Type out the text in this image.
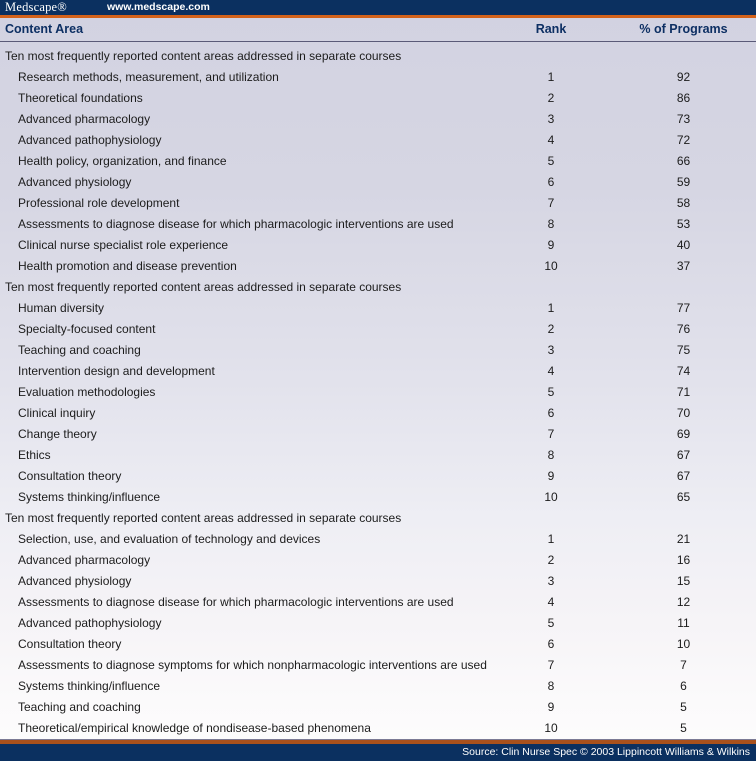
Medscape®	www.medscape.com
Content Area	Rank	% of Programs
Ten most frequently reported content areas addressed in separate courses
Research methods, measurement, and utilization	1	92
Theoretical foundations	2	86
Advanced pharmacology	3	73
Advanced pathophysiology	4	72
Health policy, organization, and finance	5	66
Advanced physiology	6	59
Professional role development	7	58
Assessments to diagnose disease for which pharmacologic interventions are used	8	53
Clinical nurse specialist role experience	9	40
Health promotion and disease prevention	10	37
Ten most frequently reported content areas addressed in separate courses
Human diversity	1	77
Specialty-focused content	2	76
Teaching and coaching	3	75
Intervention design and development	4	74
Evaluation methodologies	5	71
Clinical inquiry	6	70
Change theory	7	69
Ethics	8	67
Consultation theory	9	67
Systems thinking/influence	10	65
Ten most frequently reported content areas addressed in separate courses
Selection, use, and evaluation of technology and devices	1	21
Advanced pharmacology	2	16
Advanced physiology	3	15
Assessments to diagnose disease for which pharmacologic interventions are used	4	12
Advanced pathophysiology	5	11
Consultation theory	6	10
Assessments to diagnose symptoms for which nonpharmacologic interventions are used	7	7
Systems thinking/influence	8	6
Teaching and coaching	9	5
Theoretical/empirical knowledge of nondisease-based phenomena	10	5
Source: Clin Nurse Spec © 2003 Lippincott Williams & Wilkins
